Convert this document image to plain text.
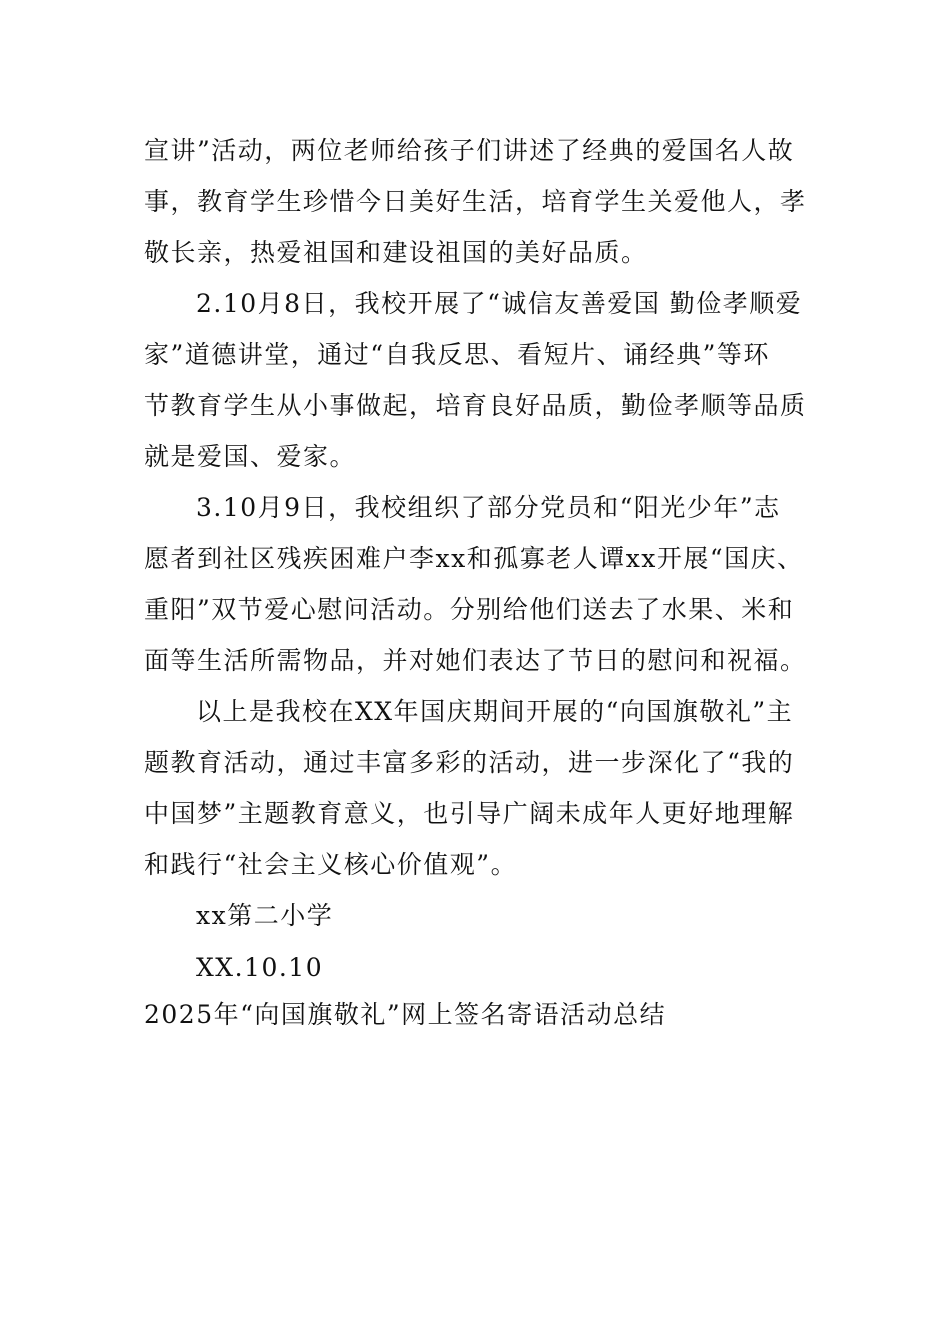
宣讲”活动，两位老师给孩子们讲述了经典的爱国名人故
事，教育学生珍惜今日美好生活，培育学生关爱他人，孝
敬长亲，热爱祖国和建设祖国的美好品质。
2.10月8日，我校开展了“诚信友善爱国 勤俭孝顺爱
家”道德讲堂，通过“自我反思、看短片、诵经典”等环
节教育学生从小事做起，培育良好品质，勤俭孝顺等品质
就是爱国、爱家。
3.10月9日，我校组织了部分党员和“阳光少年”志
愿者到社区残疾困难户李xx和孤寡老人谭xx开展“国庆、
重阳”双节爱心慰问活动。分别给他们送去了水果、米和
面等生活所需物品，并对她们表达了节日的慰问和祝福。
以上是我校在XX年国庆期间开展的“向国旗敬礼”主
题教育活动，通过丰富多彩的活动，进一步深化了“我的
中国梦”主题教育意义，也引导广阔未成年人更好地理解
和践行“社会主义核心价值观”。
xx第二小学
XX.10.10
2025年“向国旗敬礼”网上签名寄语活动总结
